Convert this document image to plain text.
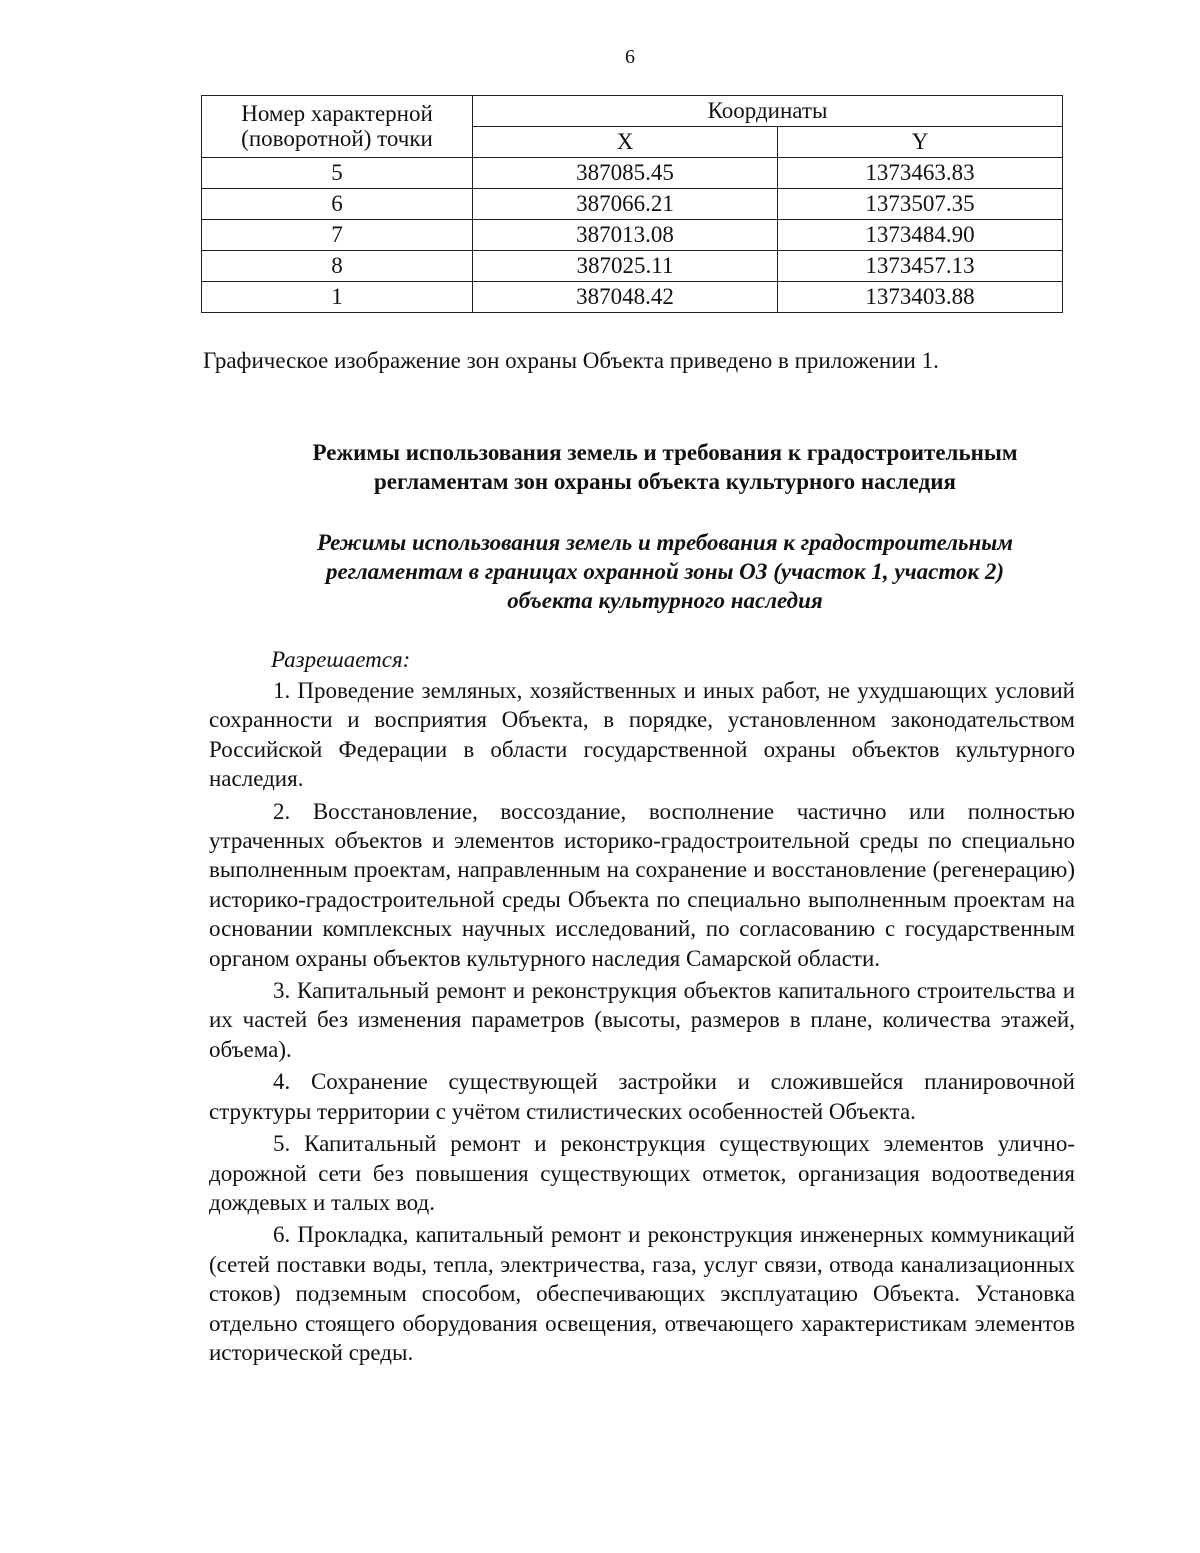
6
Номер характерной (поворотной) точки	Координаты	
	X	Y
5	387085.45	1373463.83
6	387066.21	1373507.35
7	387013.08	1373484.90
8	387025.11	1373457.13
1	387048.42	1373403.88
Графическое изображение зон охраны Объекта приведено в приложении 1.
Режимы использования земель и требования к градостроительным
регламентам зон охраны объекта культурного наследия
Режимы использования земель и требования к градостроительным
регламентам в границах охранной зоны ОЗ (участок 1, участок 2)
объекта культурного наследия
Разрешается:

1. Проведение земляных, хозяйственных и иных работ, не ухудшающих условий сохранности и восприятия Объекта, в порядке, установленном законодательством Российской Федерации в области государственной охраны объектов культурного наследия.

2. Восстановление, воссоздание, восполнение частично или полностью утраченных объектов и элементов историко-градостроительной среды по специально выполненным проектам, направленным на сохранение и восстановление (регенерацию) историко-градостроительной среды Объекта по специально выполненным проектам на основании комплексных научных исследований, по согласованию с государственным органом охраны объектов культурного наследия Самарской области.

3. Капитальный ремонт и реконструкция объектов капитального строительства и их частей без изменения параметров (высоты, размеров в плане, количества этажей, объема).

4. Сохранение существующей застройки и сложившейся планировочной структуры территории с учётом стилистических особенностей Объекта.

5. Капитальный ремонт и реконструкция существующих элементов улично-дорожной сети без повышения существующих отметок, организация водоотведения дождевых и талых вод.

6. Прокладка, капитальный ремонт и реконструкция инженерных коммуникаций (сетей поставки воды, тепла, электричества, газа, услуг связи, отвода канализационных стоков) подземным способом, обеспечивающих эксплуатацию Объекта. Установка отдельно стоящего оборудования освещения, отвечающего характеристикам элементов исторической среды.
